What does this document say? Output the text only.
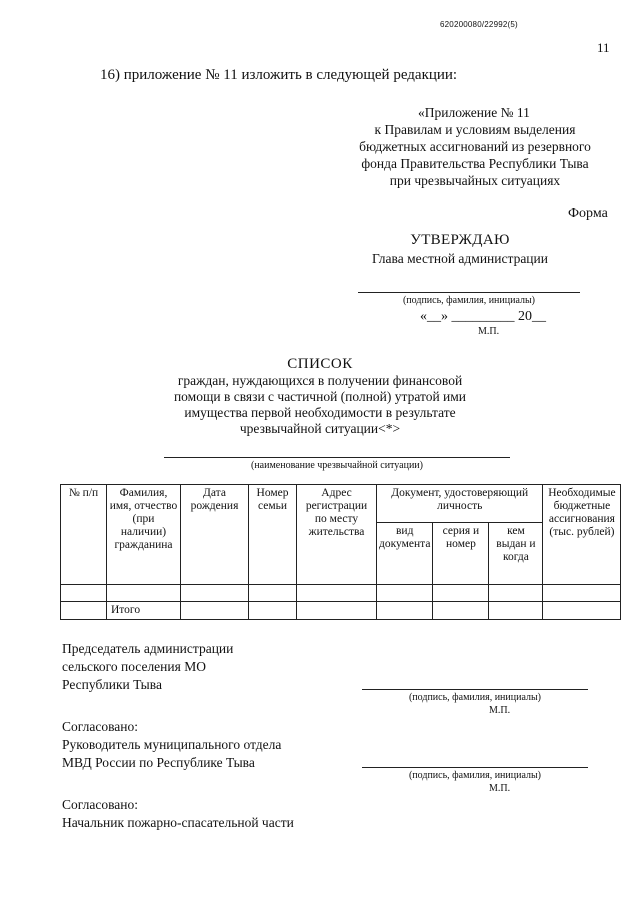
620200080/22992(5)
11
16) приложение № 11 изложить в следующей редакции:
«Приложение № 11
к Правилам и условиям выделения
бюджетных ассигнований из резервного
фонда Правительства Республики Тыва
при чрезвычайных ситуациях
Форма
УТВЕРЖДАЮ
Глава местной администрации
(подпись, фамилия, инициалы)
«__» _________ 20__
М.П.
СПИСОК
граждан, нуждающихся в получении финансовой
помощи в связи с частичной (полной) утратой ими
имущества первой необходимости в результате
чрезвычайной ситуации<*>
(наименование чрезвычайной ситуации)
№ п/п	Фамилия, имя, отчество (при наличии) гражданина	Дата рождения	Номер семьи	Адрес регистрации по месту жительства	Документ, удостоверяющий личность			Необходимые бюджетные ассигнования (тыс. рублей)
					вид документа	серия и номер	кем выдан и когда	

	Итого							
Председатель администрации
сельского поселения МО
Республики Тыва
(подпись, фамилия, инициалы)
М.П.
Согласовано:
Руководитель муниципального отдела
МВД России по Республике Тыва
(подпись, фамилия, инициалы)
М.П.
Согласовано:
Начальник пожарно-спасательной части
